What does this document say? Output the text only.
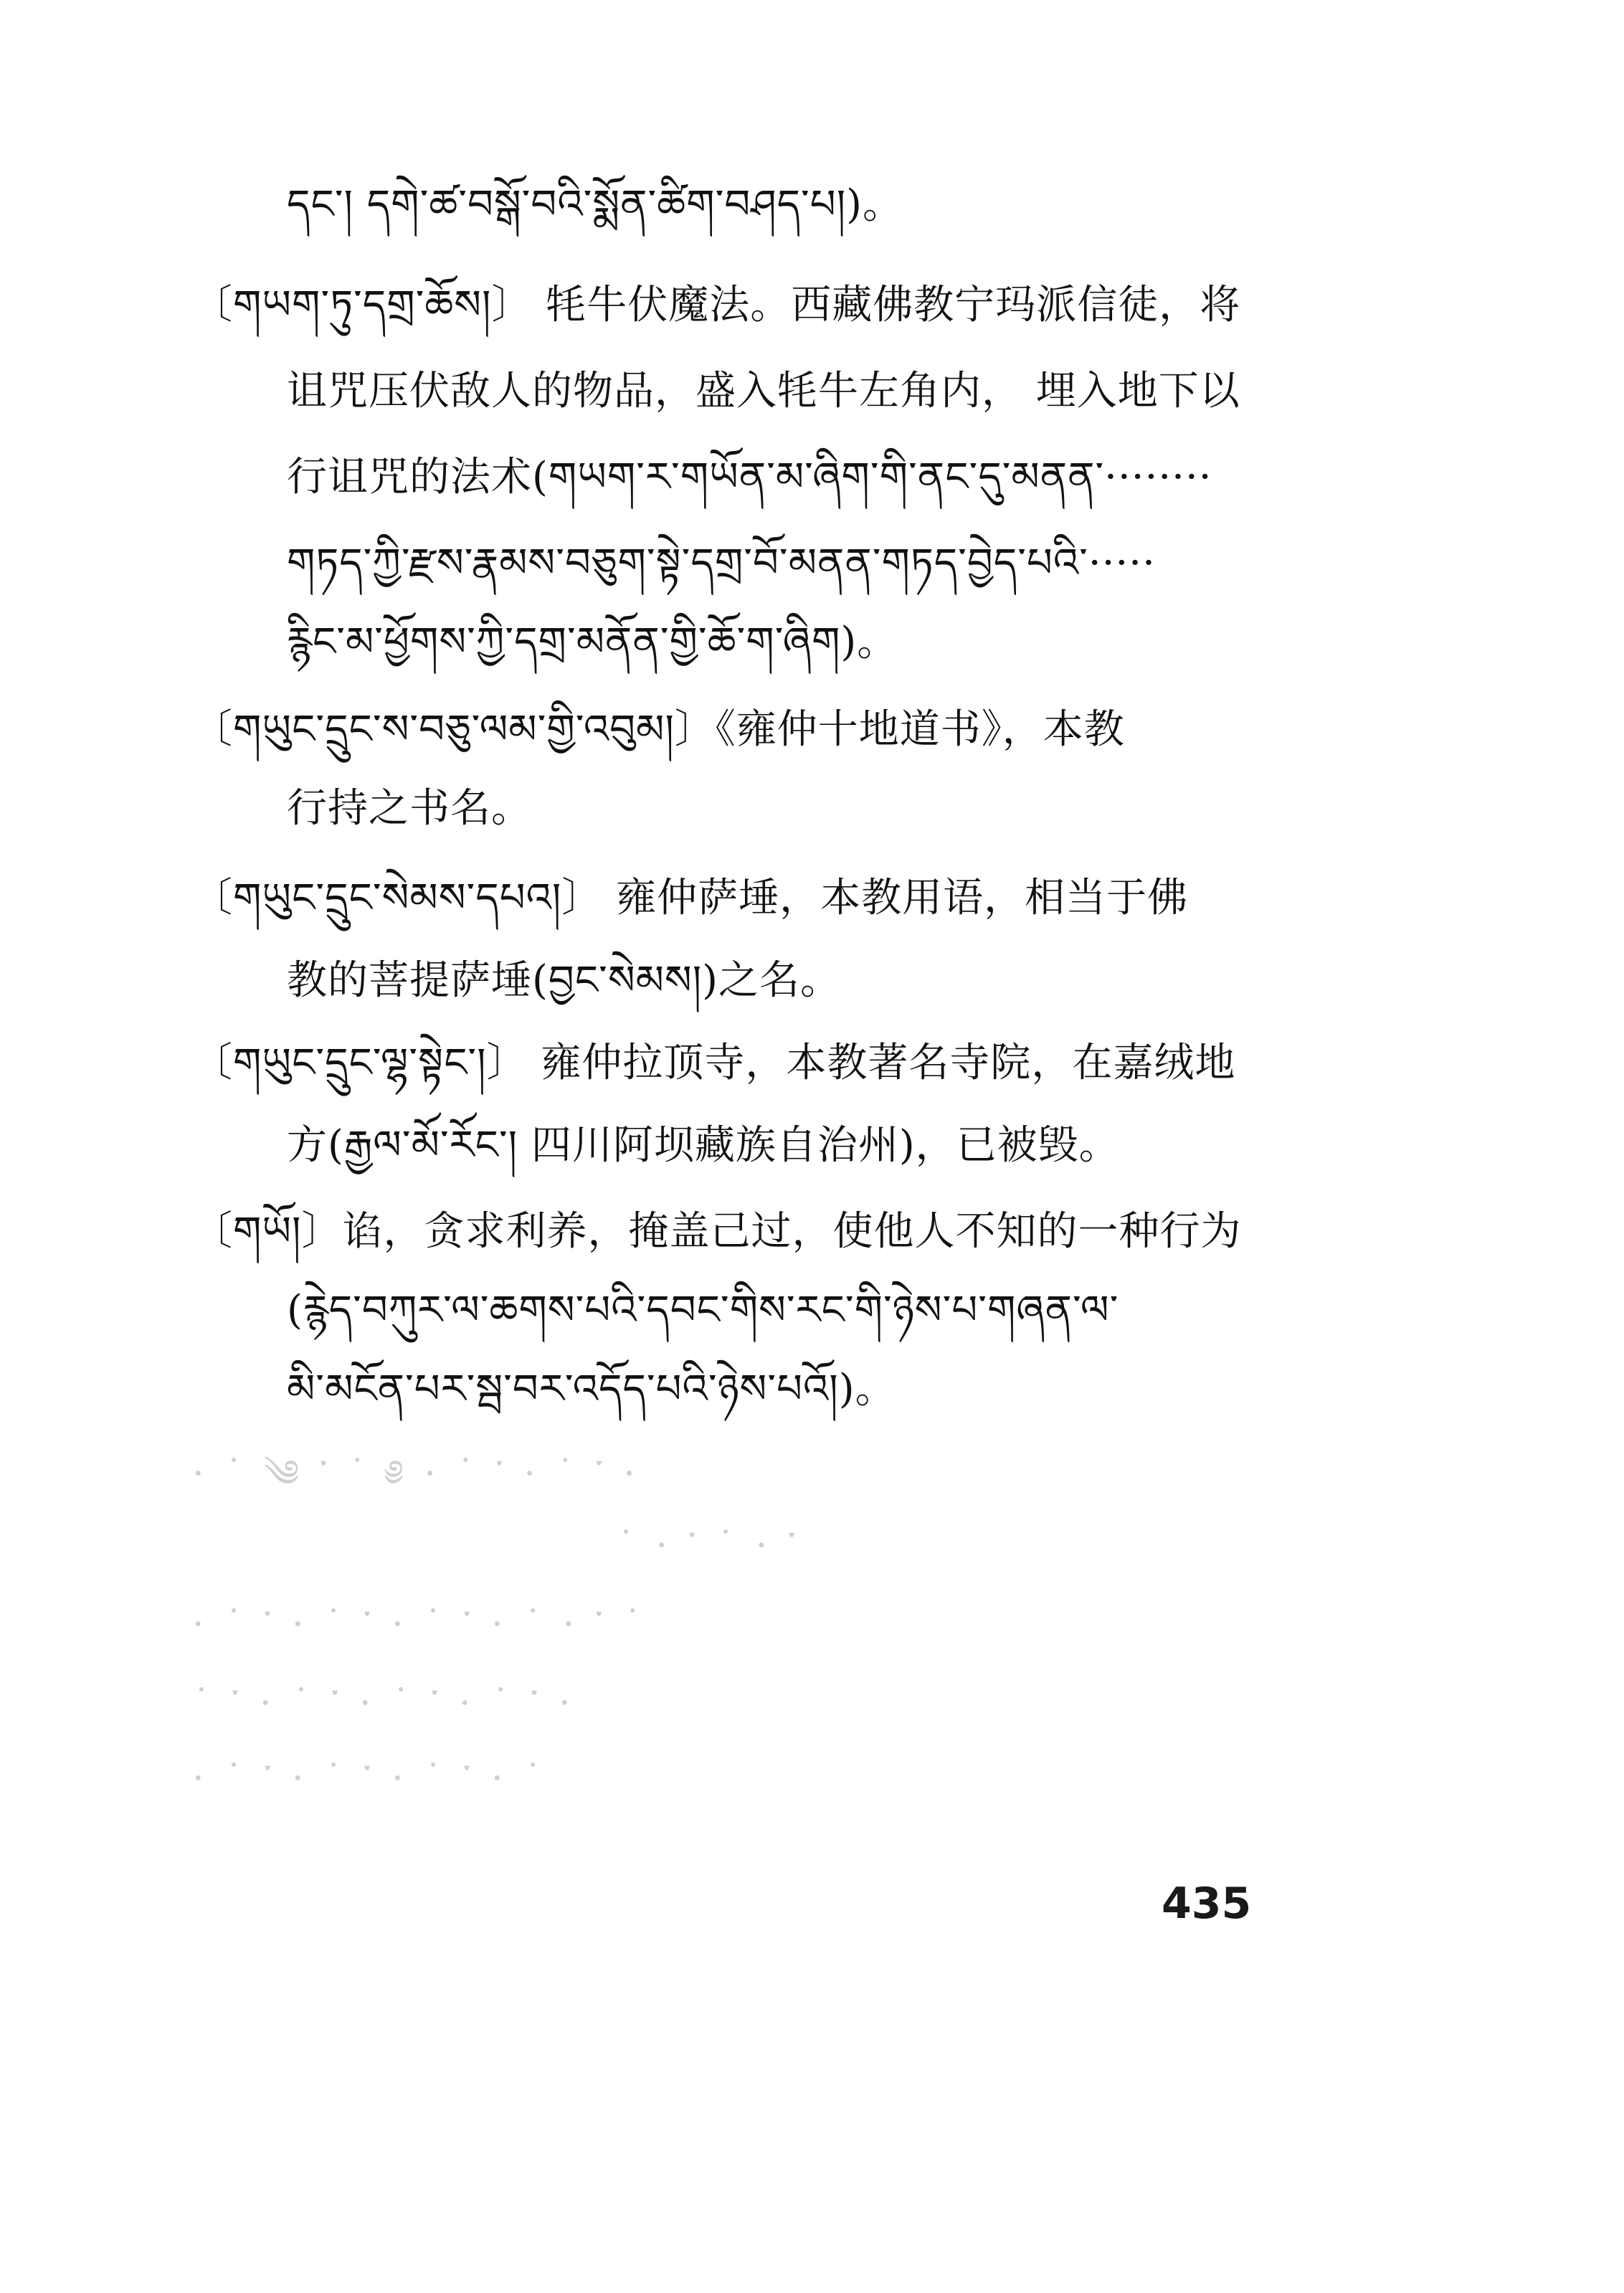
དང་། དགེ་ཚ་བསྒོ་བའི་སྨོན་ཚིག་བཤད་པ།)。
〔གཡག་ཏུ་དགྲ་ཆོས།〕 牦牛伏魔法。西藏佛教宁玛派信徒，将
诅咒压伏敌人的物品，盛入牦牛左角内， 埋入地下以
行诅咒的法术(གཡག་ར་གཡོན་མ་ཞིག་གི་ནང་དུ་མནན་········
གཏད་ཀྱི་རྫས་རྣམས་བཅུག་སྟེ་དགྲ་བོ་མནན་གཏད་བྱེད་པའི་·····
རྙིང་མ་ཕྱོགས་ཀྱི་དགྲ་མནོན་གྱི་ཆོ་ག་ཞིག)。
〔གཡུང་དྲུང་ས་བཅུ་ལམ་གྱི་འབུམ།〕《雍仲十地道书》，本教
行持之书名。
〔གཡུང་དྲུང་སེམས་དཔའ།〕 雍仲萨埵，本教用语，相当于佛
教的菩提萨埵(བྱང་སེམས།)之名。
〔གཡུང་དྲུང་ལྷ་སྟེང་།〕 雍仲拉顶寺，本教著名寺院，在嘉绒地
方(རྒྱལ་མོ་རོང་། 四川阿坝藏族自治州)，已被毁。
〔གཡོ།〕谄，贪求利养，掩盖己过，使他人不知的一种行为
(རྙེད་བཀུར་ལ་ཆགས་པའི་དབང་གིས་རང་གི་ཉེས་པ་གཞན་ལ་
མི་མངོན་པར་སྦ་བར་འདོད་པའི་ཉེས་པའོ།)。
· ˙ ༄ ་ ˙ ༅ · ˙ ་ · ˙ ་ ·
˙ · ་ ˙ · ་
· ˙ ་ · ˙ ་ · ˙ ་ · ˙ · ་ ˙
˙ ་ · ˙ ་ · ˙ ་ · ˙ ་ ·
· ˙ ་ · ˙ ་ · ˙ ་ · ˙
435
